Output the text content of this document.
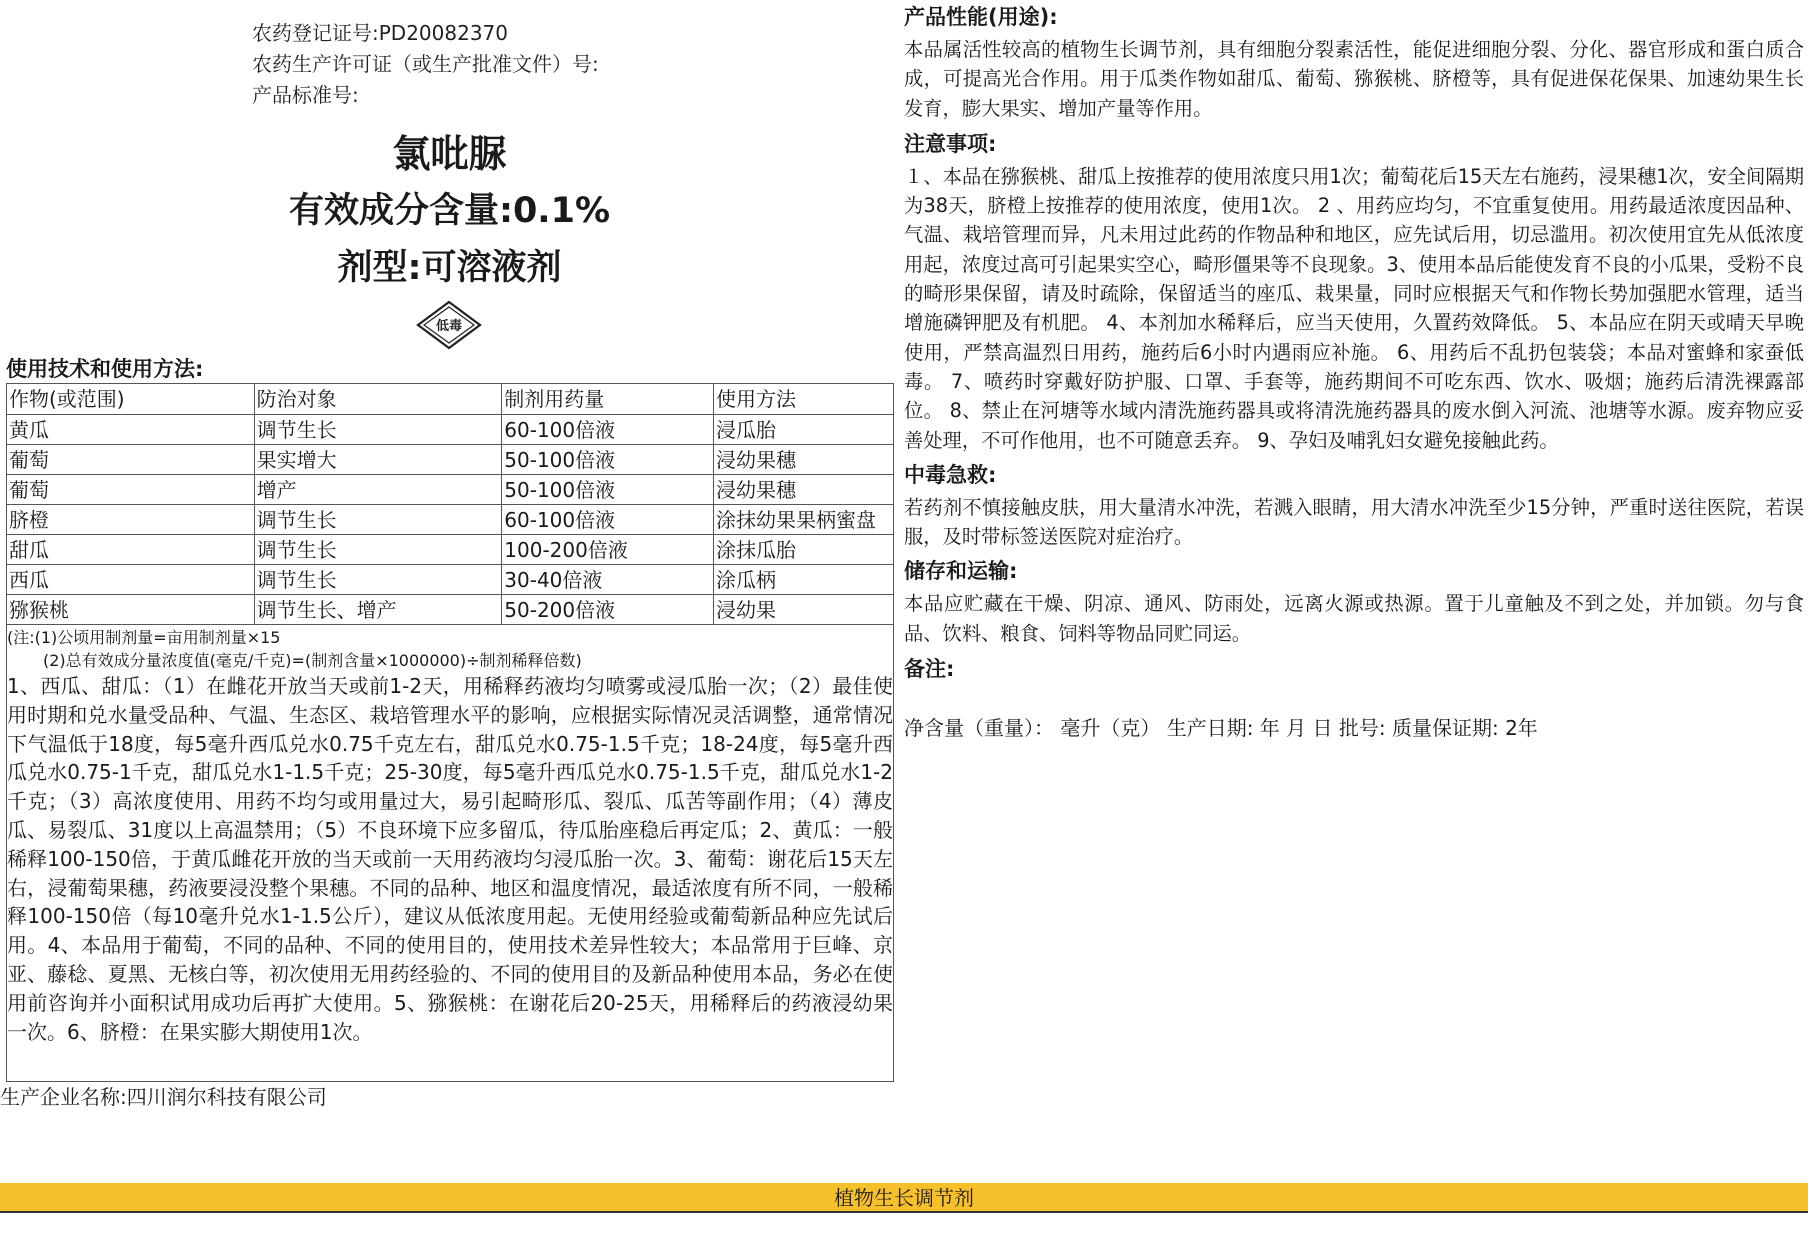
农药登记证号:PD20082370
农药生产许可证（或生产批准文件）号:
产品标准号:
氯吡脲
有效成分含量:0.1%
剂型:可溶液剂
低毒
使用技术和使用方法:
作物(或范围)	防治对象	制剂用药量	使用方法
黄瓜	调节生长	60-100倍液	浸瓜胎
葡萄	果实增大	50-100倍液	浸幼果穗
葡萄	增产	50-100倍液	浸幼果穗
脐橙	调节生长	60-100倍液	涂抹幼果果柄蜜盘
甜瓜	调节生长	100-200倍液	涂抹瓜胎
西瓜	调节生长	30-40倍液	涂瓜柄
猕猴桃	调节生长、增产	50-200倍液	浸幼果
(注:(1)公顷用制剂量=亩用制剂量×15
(2)总有效成分量浓度值(毫克/千克)=(制剂含量×1000000)÷制剂稀释倍数)
1、西瓜、甜瓜：（1）在雌花开放当天或前1-2天，用稀释药液均匀喷雾或浸瓜胎一次；（2）最佳使用时期和兑水量受品种、气温、生态区、栽培管理水平的影响，应根据实际情况灵活调整，通常情况下气温低于18度，每5毫升西瓜兑水0.75千克左右，甜瓜兑水0.75-1.5千克；18-24度，每5毫升西瓜兑水0.75-1千克，甜瓜兑水1-1.5千克；25-30度，每5毫升西瓜兑水0.75-1.5千克，甜瓜兑水1-2千克；（3）高浓度使用、用药不均匀或用量过大，易引起畸形瓜、裂瓜、瓜苦等副作用；（4）薄皮瓜、易裂瓜、31度以上高温禁用；（5）不良环境下应多留瓜，待瓜胎座稳后再定瓜；2、黄瓜：一般稀释100-150倍，于黄瓜雌花开放的当天或前一天用药液均匀浸瓜胎一次。3、葡萄：谢花后15天左右，浸葡萄果穗，药液要浸没整个果穗。不同的品种、地区和温度情况，最适浓度有所不同，一般稀释100-150倍（每10毫升兑水1-1.5公斤），建议从低浓度用起。无使用经验或葡萄新品种应先试后用。4、本品用于葡萄，不同的品种、不同的使用目的，使用技术差异性较大；本品常用于巨峰、京亚、藤稔、夏黑、无核白等，初次使用无用药经验的、不同的使用目的及新品种使用本品，务必在使用前咨询并小面积试用成功后再扩大使用。5、猕猴桃：在谢花后20-25天，用稀释后的药液浸幼果一次。6、脐橙：在果实膨大期使用1次。
生产企业名称:四川润尔科技有限公司
产品性能(用途):
本品属活性较高的植物生长调节剂，具有细胞分裂素活性，能促进细胞分裂、分化、器官形成和蛋白质合成，可提高光合作用。用于瓜类作物如甜瓜、葡萄、猕猴桃、脐橙等，具有促进保花保果、加速幼果生长发育，膨大果实、增加产量等作用。
注意事项:
１、本品在猕猴桃、甜瓜上按推荐的使用浓度只用1次；葡萄花后15天左右施药，浸果穗1次，安全间隔期为38天，脐橙上按推荐的使用浓度，使用1次。 2 、用药应均匀，不宜重复使用。用药最适浓度因品种、气温、栽培管理而异，凡未用过此药的作物品种和地区，应先试后用，切忌滥用。初次使用宜先从低浓度用起，浓度过高可引起果实空心，畸形僵果等不良现象。3、使用本品后能使发育不良的小瓜果，受粉不良的畸形果保留，请及时疏除，保留适当的座瓜、栽果量，同时应根据天气和作物长势加强肥水管理，适当增施磷钾肥及有机肥。 4、本剂加水稀释后，应当天使用，久置药效降低。 5、本品应在阴天或晴天早晚使用，严禁高温烈日用药，施药后6小时内遇雨应补施。 6、用药后不乱扔包装袋；本品对蜜蜂和家蚕低毒。 7、喷药时穿戴好防护服、口罩、手套等，施药期间不可吃东西、饮水、吸烟；施药后清洗裸露部位。 8、禁止在河塘等水域内清洗施药器具或将清洗施药器具的废水倒入河流、池塘等水源。废弃物应妥善处理，不可作他用，也不可随意丢弃。 9、孕妇及哺乳妇女避免接触此药。
中毒急救:
若药剂不慎接触皮肤，用大量清水冲洗，若溅入眼睛，用大清水冲洗至少15分钟，严重时送往医院，若误服，及时带标签送医院对症治疗。
储存和运输:
本品应贮藏在干燥、阴凉、通风、防雨处，远离火源或热源。置于儿童触及不到之处，并加锁。勿与食品、饮料、粮食、饲料等物品同贮同运。
备注:
净含量（重量）： 毫升（克） 生产日期: 年 月 日 批号: 质量保证期: 2年
植物生长调节剂
